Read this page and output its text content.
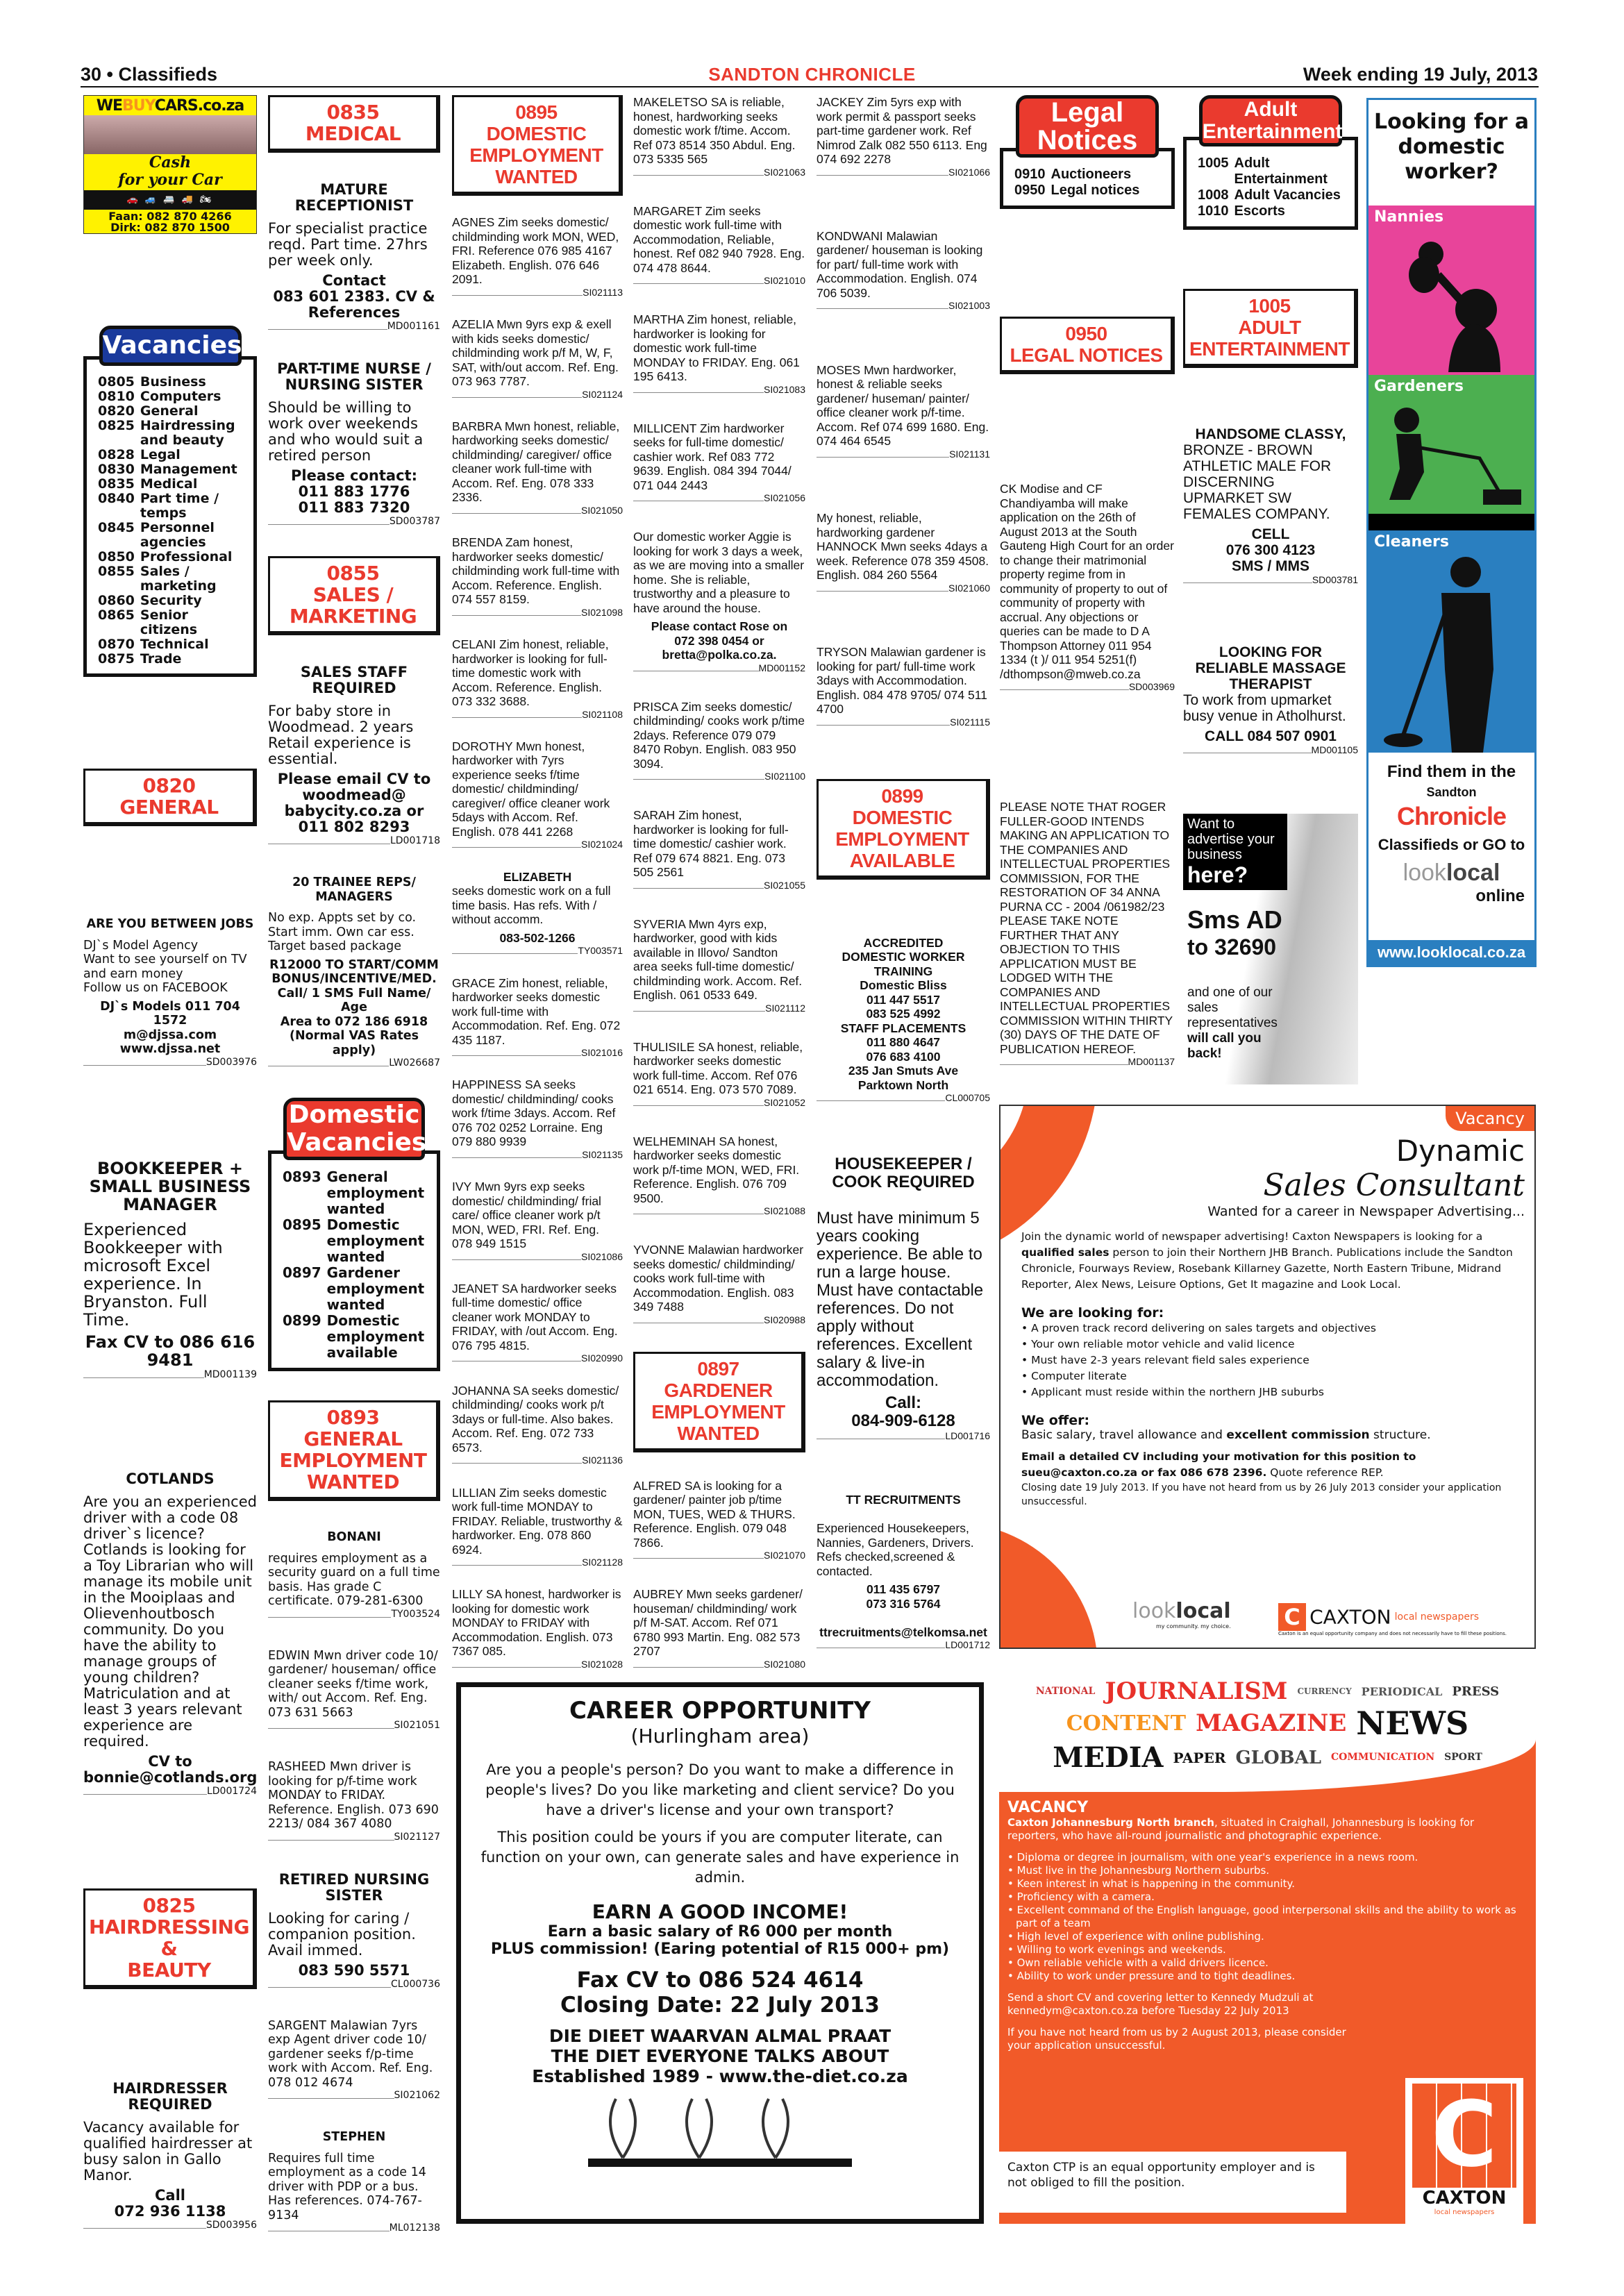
30 • Classifieds	SANDTON CHRONICLE	Week ending 19 July, 2013
WEBUYCARS.co.za
Cash
for your Car
🚗 🚙 🚐 🚚 🏍
Faan: 082 870 4266
Dirk: 082 870 1500
Vacancies
0805 Business
0810 Computers
0820 General
0825 Hairdressing and beauty
0828 Legal
0830 Management
0835 Medical
0840 Part time / temps
0845 Personnel agencies
0850 Professional
0855 Sales / marketing
0860 Security
0865 Senior citizens
0870 Technical
0875 Trade
0820
GENERAL
ARE YOU BETWEEN JOBS
DJ`s Model Agency
Want to see yourself on TV and earn money
Follow us on FACEBOOK
DJ`s Models 011 704 1572
m@djssa.com
www.djssa.net
SD003976
BOOKKEEPER + SMALL BUSINESS MANAGER
Experienced Bookkeeper with microsoft Excel experience. In Bryanston. Full Time.
Fax CV to 086 616 9481
MD001139
COTLANDS
Are you an experienced driver with a code 08 driver`s licence? Cotlands is looking for a Toy Librarian who will manage its mobile unit in the Mooiplaas and Olievenhoutbosch community. Do you have the ability to manage groups of young children? Matriculation and at least 3 years relevant experience are required.
CV to
bonnie@cotlands.org
LD001724
0825
HAIRDRESSING &
BEAUTY
HAIRDRESSER REQUIRED
Vacancy available for qualified hairdresser at busy salon in Gallo Manor.
Call
072 936 1138
SD003956
0835
MEDICAL
MATURE RECEPTIONIST
For specialist practice reqd. Part time. 27hrs per week only.
Contact
083 601 2383. CV & References
MD001161
PART-TIME NURSE / NURSING SISTER
Should be willing to work over weekends and who would suit a retired person
Please contact:
011 883 1776
011 883 7320
SD003787
0855
SALES / MARKETING
SALES STAFF REQUIRED
For baby store in Woodmead. 2 years Retail experience is essential.
Please email CV to
woodmead@
babycity.co.za or
011 802 8293
LD001718
20 TRAINEE REPS/ MANAGERS
No exp. Appts set by co. Start imm. Own car ess. Target based package
R12000 TO START/COMM BONUS/INCENTIVE/MED.
Call/ 1 SMS Full Name/ Age
Area to 072 186 6918
(Normal VAS Rates apply)
LW026687
Domestic
Vacancies
0893 General employment wanted
0895 Domestic employment wanted
0897 Gardener employment wanted
0899 Domestic employment available
0893
GENERAL
EMPLOYMENT
WANTED
BONANI
requires employment as a security guard on a full time basis. Has grade C certificate. 079-281-6300
TY003524
EDWIN Mwn driver code 10/ gardener/ houseman/ office cleaner seeks f/time work, with/ out Accom. Ref. Eng. 073 631 5663
SI021051
RASHEED Mwn driver is looking for p/f-time work MONDAY to FRIDAY. Reference. English. 073 690 2213/ 084 367 4080
SI021127
RETIRED NURSING SISTER
Looking for caring / companion position. Avail immed.
083 590 5571
CL000736
SARGENT Malawian 7yrs exp Agent driver code 10/ gardener seeks f/p-time work with Accom. Ref. Eng. 078 012 4674
SI021062
STEPHEN
Requires full time employment as a code 14 driver with PDP or a bus. Has references. 074-767-9134
ML012138
0895
DOMESTIC
EMPLOYMENT
WANTED
AGNES Zim seeks domestic/ childminding work MON, WED, FRI. Reference 076 985 4167 Elizabeth. English. 076 646 2091.
SI021113
AZELIA Mwn 9yrs exp & exell with kids seeks domestic/ childminding work p/f M, W, F, SAT, with/out accom. Ref. Eng. 073 963 7787.
SI021124
BARBRA Mwn honest, reliable, hardworking seeks domestic/ childminding/ caregiver/ office cleaner work full-time with Accom. Ref. Eng. 078 333 2336.
SI021050
BRENDA Zam honest, hardworker seeks domestic/ childminding work full-time with Accom. Reference. English. 074 557 8159.
SI021098
CELANI Zim honest, reliable, hardworker is looking for full-time domestic work with Accom. Reference. English. 073 332 3688.
SI021108
DOROTHY Mwn honest, hardworker with 7yrs experience seeks f/time domestic/ childminding/ caregiver/ office cleaner work 5days with Accom. Ref. English. 078 441 2268
SI021024
ELIZABETH
seeks domestic work on a full time basis. Has refs. With / without accomm.
083-502-1266
TY003571
GRACE Zim honest, reliable, hardworker seeks domestic work full-time with Accommodation. Ref. Eng. 072 435 1187.
SI021016
HAPPINESS SA seeks domestic/ childminding/ cooks work f/time 3days. Accom. Ref 076 702 0252 Lorraine. Eng 079 880 9939
SI021135
IVY Mwn 9yrs exp seeks domestic/ childminding/ frial care/ office cleaner work p/t MON, WED, FRI. Ref. Eng. 078 949 1515
SI021086
JEANET SA hardworker seeks full-time domestic/ office cleaner work MONDAY to FRIDAY, with /out Accom. Eng. 076 795 4815.
SI020990
JOHANNA SA seeks domestic/ childminding/ cooks work p/t 3days or full-time. Also bakes. Accom. Ref. Eng. 072 733 6573.
SI021136
LILLIAN Zim seeks domestic work full-time MONDAY to FRIDAY. Reliable, trustworthy & hardworker. Eng. 078 860 6924.
SI021128
LILLY SA honest, hardworker is looking for domestic work MONDAY to FRIDAY with Accommodation. English. 073 7367 085.
SI021028
MAKELETSO SA is reliable, honest, hardworking seeks domestic work f/time. Accom. Ref 073 8514 350 Abdul. Eng. 073 5335 565
SI021063
MARGARET Zim seeks domestic work full-time with Accommodation, Reliable, honest. Ref 082 940 7928. Eng. 074 478 8644.
SI021010
MARTHA Zim honest, reliable, hardworker is looking for domestic work full-time MONDAY to FRIDAY. Eng. 061 195 6413.
SI021083
MILLICENT Zim hardworker seeks for full-time domestic/ cashier work. Ref 083 772 9639. English. 084 394 7044/ 071 044 2443
SI021056
Our domestic worker Aggie is looking for work 3 days a week, as we are moving into a smaller home. She is reliable, trustworthy and a pleasure to have around the house.
Please contact Rose on
072 398 0454 or
bretta@polka.co.za.
MD001152
PRISCA Zim seeks domestic/ childminding/ cooks work p/time 2days. Reference 079 079 8470 Robyn. English. 083 950 3094.
SI021100
SARAH Zim honest, hardworker is looking for full-time domestic/ cashier work. Ref 079 674 8821. Eng. 073 505 2561
SI021055
SYVERIA Mwn 4yrs exp, hardworker, good with kids available in Illovo/ Sandton area seeks full-time domestic/ childminding work. Accom. Ref. English. 061 0533 649.
SI021112
THULISILE SA honest, reliable, hardworker seeks domestic work full-time. Accom. Ref 076 021 6514. Eng. 073 570 7089.
SI021052
WELHEMINAH SA honest, hardworker seeks domestic work p/f-time MON, WED, FRI. Reference. English. 076 709 9500.
SI021088
YVONNE Malawian hardworker seeks domestic/ childminding/ cooks work full-time with Accommodation. English. 083 349 7488
SI020988
0897
GARDENER
EMPLOYMENT
WANTED
ALFRED SA is looking for a gardener/ painter job p/time MON, TUES, WED & THURS. Reference. English. 079 048 7866.
SI021070
AUBREY Mwn seeks gardener/ houseman/ childminding/ work p/f M-SAT. Accom. Ref 071 6780 993 Martin. Eng. 082 573 2707
SI021080
JACKEY Zim 5yrs exp with work permit & passport seeks part-time gardener work. Ref Nimrod Zalk 082 550 6113. Eng 074 692 2278
SI021066
KONDWANI Malawian gardener/ houseman is looking for part/ full-time work with Accommodation. English. 074 706 5039.
SI021003
MOSES Mwn hardworker, honest & reliable seeks gardener/ huseman/ painter/ office cleaner work p/f-time. Accom. Ref 074 699 1680. Eng. 074 464 6545
SI021131
My honest, reliable, hardworking gardener HANNOCK Mwn seeks 4days a week. Reference 078 359 4508. English. 084 260 5564
SI021060
TRYSON Malawian gardener is looking for part/ full-time work 3days with Accommodation. English. 084 478 9705/ 074 511 4700
SI021115
0899
DOMESTIC
EMPLOYMENT
AVAILABLE
ACCREDITED
DOMESTIC WORKER
TRAINING
Domestic Bliss
011 447 5517
083 525 4992
STAFF PLACEMENTS
011 880 4647
076 683 4100
235 Jan Smuts Ave
Parktown North
CL000705
HOUSEKEEPER / COOK REQUIRED

Must have minimum 5 years cooking experience. Be able to run a large house. Must have contactable references. Do not apply without references. Excellent salary & live-in accommodation.

Call:
084-909-6128
LD001716
TT RECRUITMENTS

Experienced Housekeepers, Nannies, Gardeners, Drivers. Refs checked,screened & contacted.

011 435 6797
073 316 5764

ttrecruitments@telkomsa.net
LD001712
Legal
Notices
0910 Auctioneers
0950 Legal notices
0950
LEGAL NOTICES
CK Modise and CF Chandiyamba will make application on the 26th of August 2013 at the South Gauteng High Court for an order to change their matrimonial property regime from in community of property to out of community of property with accrual. Any objections or queries can be made to D A Thompson Attorney 011 954 1334 (t )/ 011 954 5251(f)
/dthompson@mweb.co.za

SD003969
PLEASE NOTE THAT ROGER FULLER-GOOD INTENDS MAKING AN APPLICATION TO THE COMPANIES AND INTELLECTUAL PROPERTIES COMMISSION, FOR THE RESTORATION OF 34 ANNA PURNA CC - 2004 /061982/23
PLEASE TAKE NOTE FURTHER THAT ANY OBJECTION TO THIS APPLICATION MUST BE LODGED WITH THE COMPANIES AND INTELLECTUAL PROPERTIES COMMISSION WITHIN THIRTY (30) DAYS OF THE DATE OF PUBLICATION HEREOF.

MD001137
Adult
Entertainment
1005 Adult Entertainment
1008 Adult Vacancies
1010 Escorts
1005
ADULT
ENTERTAINMENT
HANDSOME CLASSY,
BRONZE - BROWN ATHLETIC MALE FOR DISCERNING UPMARKET SW FEMALES COMPANY.
CELL
076 300 4123
SMS / MMS
SD003781
LOOKING FOR RELIABLE MASSAGE THERAPIST
To work from upmarket busy venue in Atholhurst.
CALL 084 507 0901
MD001105
Want to advertise your business
here?
Sms AD
to 32690
and one of our sales representatives
will call you back!
Looking for a domestic worker?
Nannies
Gardeners
Cleaners
Find them in the
Sandton
Chronicle
Classifieds or GO to
looklocal
online
www.looklocal.co.za
CAREER OPPORTUNITY
(Hurlingham area)
Are you a people's person? Do you want to make a difference in people's lives? Do you like marketing and client service? Do you have a driver's license and your own transport?
This position could be yours if you are computer literate, can function on your own, can generate sales and have experience in admin.
EARN A GOOD INCOME!
Earn a basic salary of R6 000 per month
PLUS commission! (Earing potential of R15 000+ pm)
Fax CV to 086 524 4614
Closing Date: 22 July 2013
DIE DIEET WAARVAN ALMAL PRAAT
THE DIET EVERYONE TALKS ABOUT
Established 1989 - www.the-diet.co.za
Vacancy
Dynamic
Sales Consultant
Wanted for a career in Newspaper Advertising...
Join the dynamic world of newspaper advertising! Caxton Newspapers is looking for a qualified sales person to join their Northern JHB Branch. Publications include the Sandton Chronicle, Fourways Review, Rosebank Killarney Gazette, North Eastern Tribune, Midrand Reporter, Alex News, Leisure Options, Get It magazine and Look Local.
We are looking for:
• A proven track record delivering on sales targets and objectives
• Your own reliable motor vehicle and valid licence
• Must have 2-3 years relevant field sales experience
• Computer literate
• Applicant must reside within the northern JHB suburbs
We offer:
Basic salary, travel allowance and excellent commission structure.
Email a detailed CV including your motivation for this position to sueu@caxton.co.za or fax 086 678 2396. Quote reference REP.
Closing date 19 July 2013. If you have not heard from us by 26 July 2013 consider your application unsuccessful.
looklocal
my community. my choice. C CAXTON local newspapers
Caxton is an equal opportunity company and does not necessarily have to fill these positions.
NATIONAL JOURNALISM CURRENCY PERIODICAL PRESS
CONTENT MAGAZINE NEWS
MEDIA PAPER GLOBAL COMMUNICATION SPORT
VACANCY
Caxton Johannesburg North branch, situated in Craighall, Johannesburg is looking for reporters, who have all-round journalistic and photographic experience.
• Diploma or degree in journalism, with one year's experience in a news room.
• Must live in the Johannesburg Northern suburbs.
• Keen interest in what is happening in the community.
• Proficiency with a camera.
• Excellent command of the English language, good interpersonal skills and the ability to work as part of a team
• High level of experience with online publishing.
• Willing to work evenings and weekends.
• Own reliable vehicle with a valid drivers licence.
• Ability to work under pressure and to tight deadlines.
Send a short CV and covering letter to Kennedy Mudzuli at kennedym@caxton.co.za before Tuesday 22 July 2013
If you have not heard from us by 2 August 2013, please consider your application unsuccessful.
Caxton CTP is an equal opportunity employer and is not obliged to fill the position.	C
CAXTON
local newspapers
